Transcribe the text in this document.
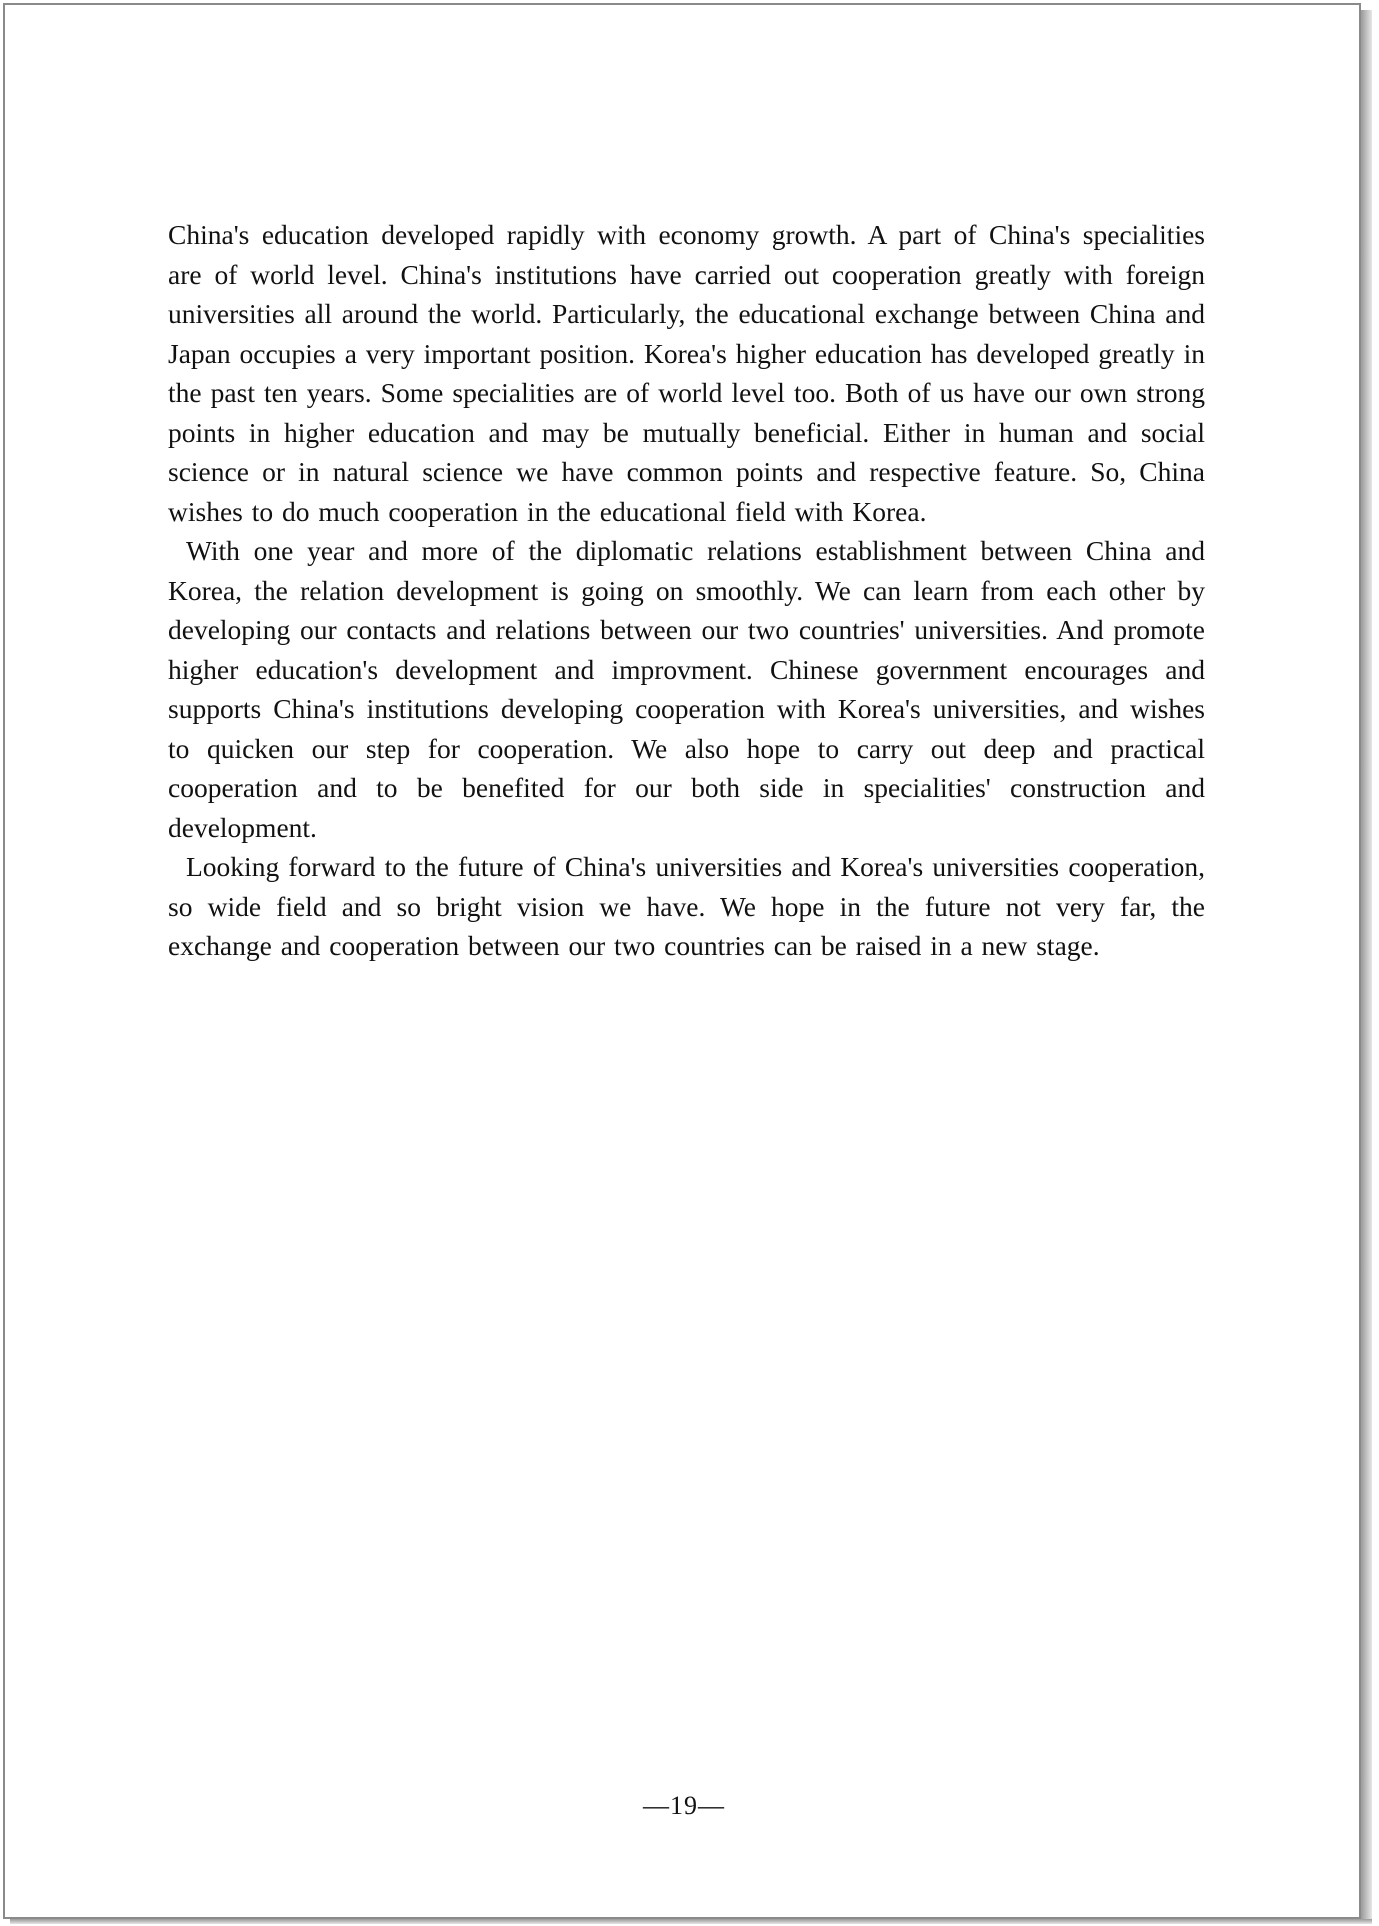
China's education developed rapidly with economy growth. A part of China's specialities are of world level. China's institutions have carried out cooperation greatly with foreign universities all around the world. Particularly, the educational exchange between China and Japan occupies a very important position. Korea's higher education has developed greatly in the past ten years. Some specialities are of world level too. Both of us have our own strong points in higher education and may be mutually beneficial. Either in human and social science or in natural science we have common points and respective feature. So, China wishes to do much cooperation in the educational field with Korea.

With one year and more of the diplomatic relations establishment between China and Korea, the relation development is going on smoothly. We can learn from each other by developing our contacts and relations between our two countries' universities. And promote higher education's development and improvment. Chinese government encourages and supports China's institutions developing cooperation with Korea's universities, and wishes to quicken our step for cooperation. We also hope to carry out deep and practical cooperation and to be benefited for our both side in specialities' construction and development.

Looking forward to the future of China's universities and Korea's universities cooperation, so wide field and so bright vision we have. We hope in the future not very far, the exchange and cooperation between our two countries can be raised in a new stage.

—19—
